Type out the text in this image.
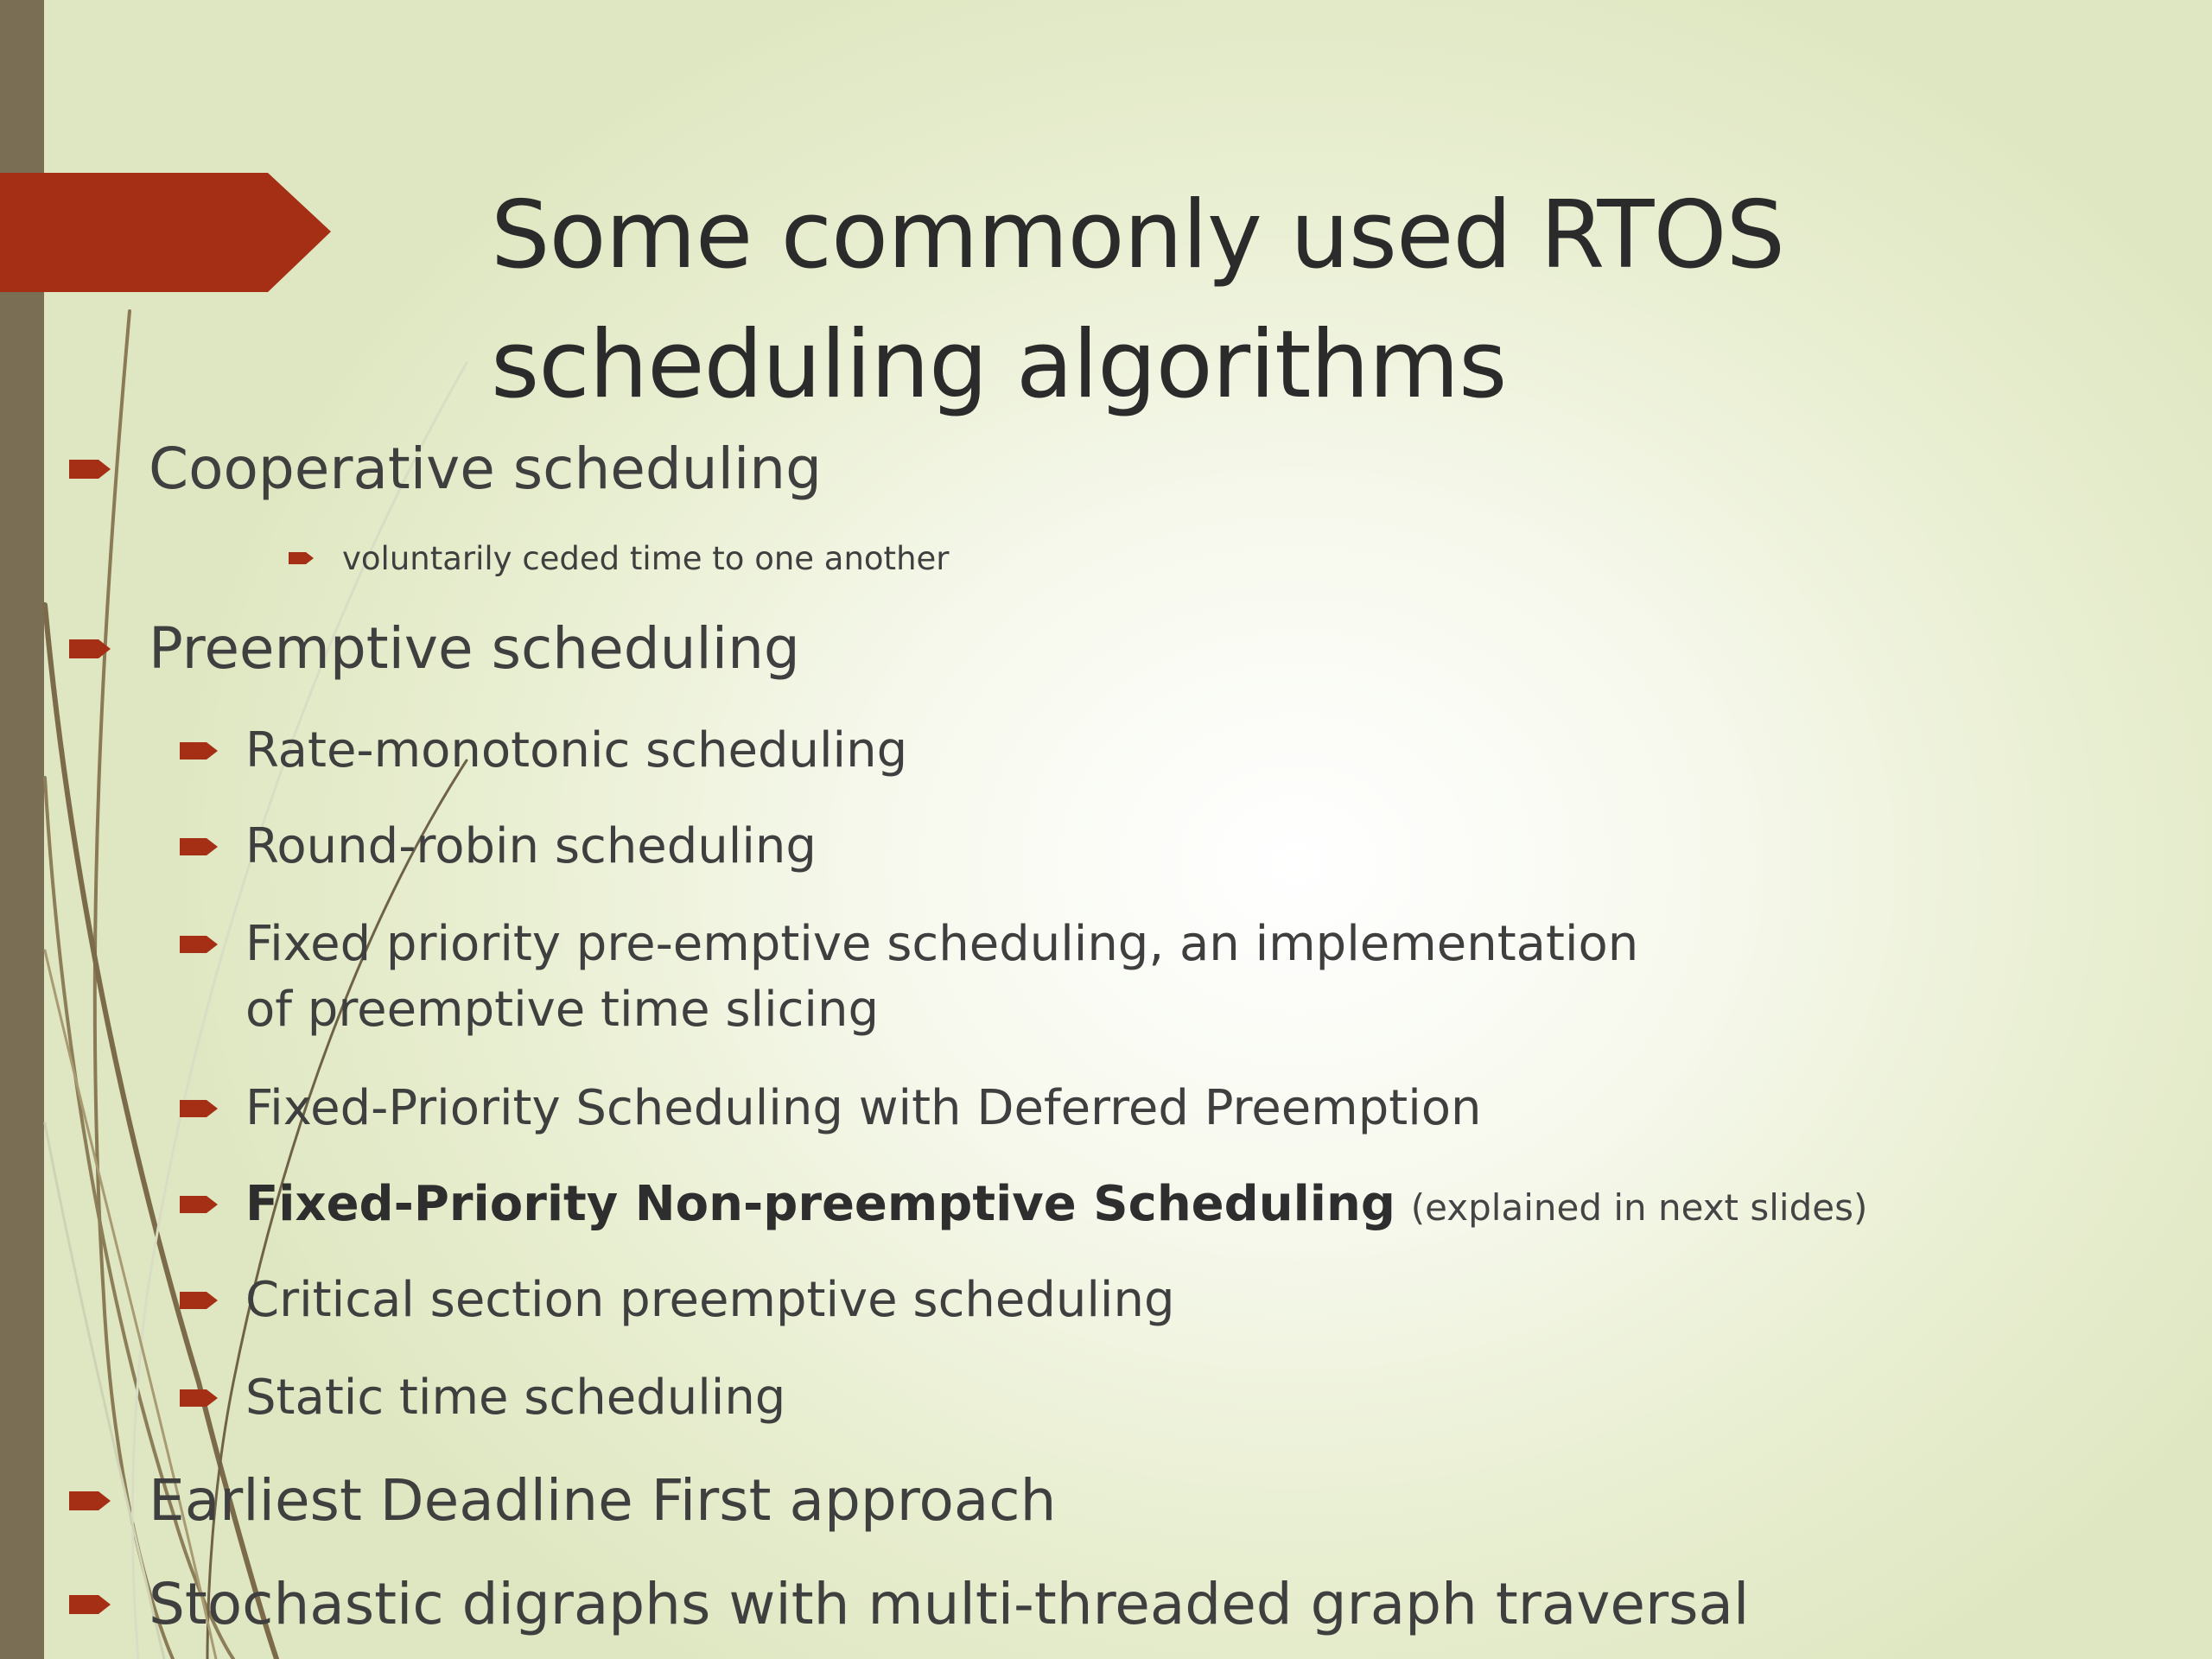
Some commonly used RTOS scheduling algorithms
Cooperative scheduling
voluntarily ceded time to one another
Preemptive scheduling
Rate-monotonic scheduling
Round-robin scheduling
Fixed priority pre-emptive scheduling, an implementation
of preemptive time slicing
Fixed-Priority Scheduling with Deferred Preemption
Fixed-Priority Non-preemptive Scheduling (explained in next slides)
Critical section preemptive scheduling
Static time scheduling
Earliest Deadline First approach
Stochastic digraphs with multi-threaded graph traversal
